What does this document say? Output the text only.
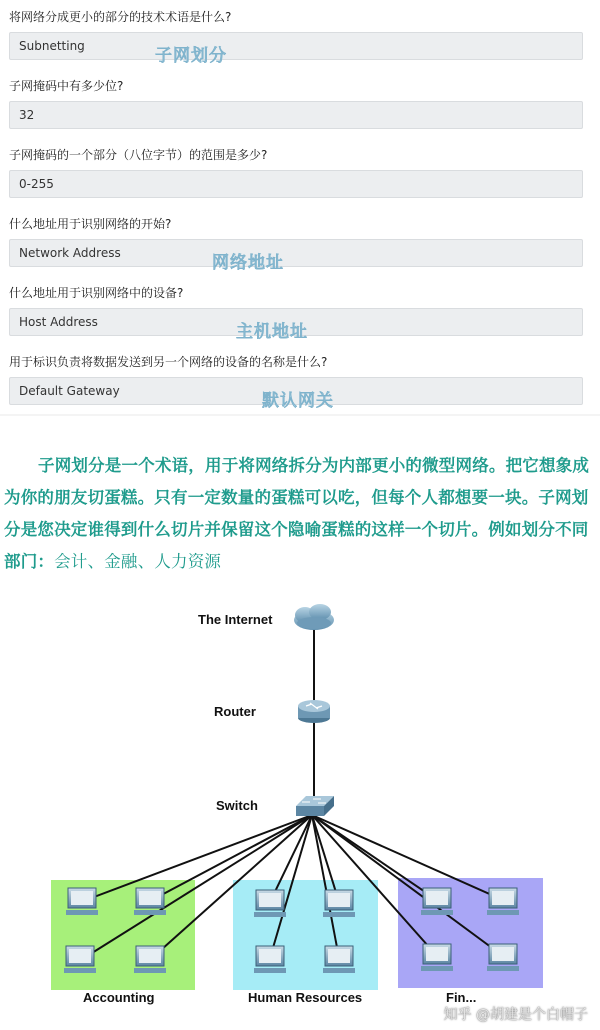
将网络分成更小的部分的技术术语是什么?
Subnetting	子网划分
子网掩码中有多少位?
32
子网掩码的一个部分（八位字节）的范围是多少?
0-255
什么地址用于识别网络的开始?
Network Address	网络地址
什么地址用于识别网络中的设备?
Host Address	主机地址
用于标识负责将数据发送到另一个网络的设备的名称是什么?
Default Gateway	默认网关
子网划分是一个术语，用于将网络拆分为内部更小的微型网络。把它想象成为你的朋友切蛋糕。只有一定数量的蛋糕可以吃，但每个人都想要一块。子网划分是您决定谁得到什么切片并保留这个隐喻蛋糕的这样一个切片。例如划分不同部门：会计、金融、人力资源
The Internet
Router
Switch
Accounting	Human Resources	Fin...
知乎 @胡建是个白帽子
